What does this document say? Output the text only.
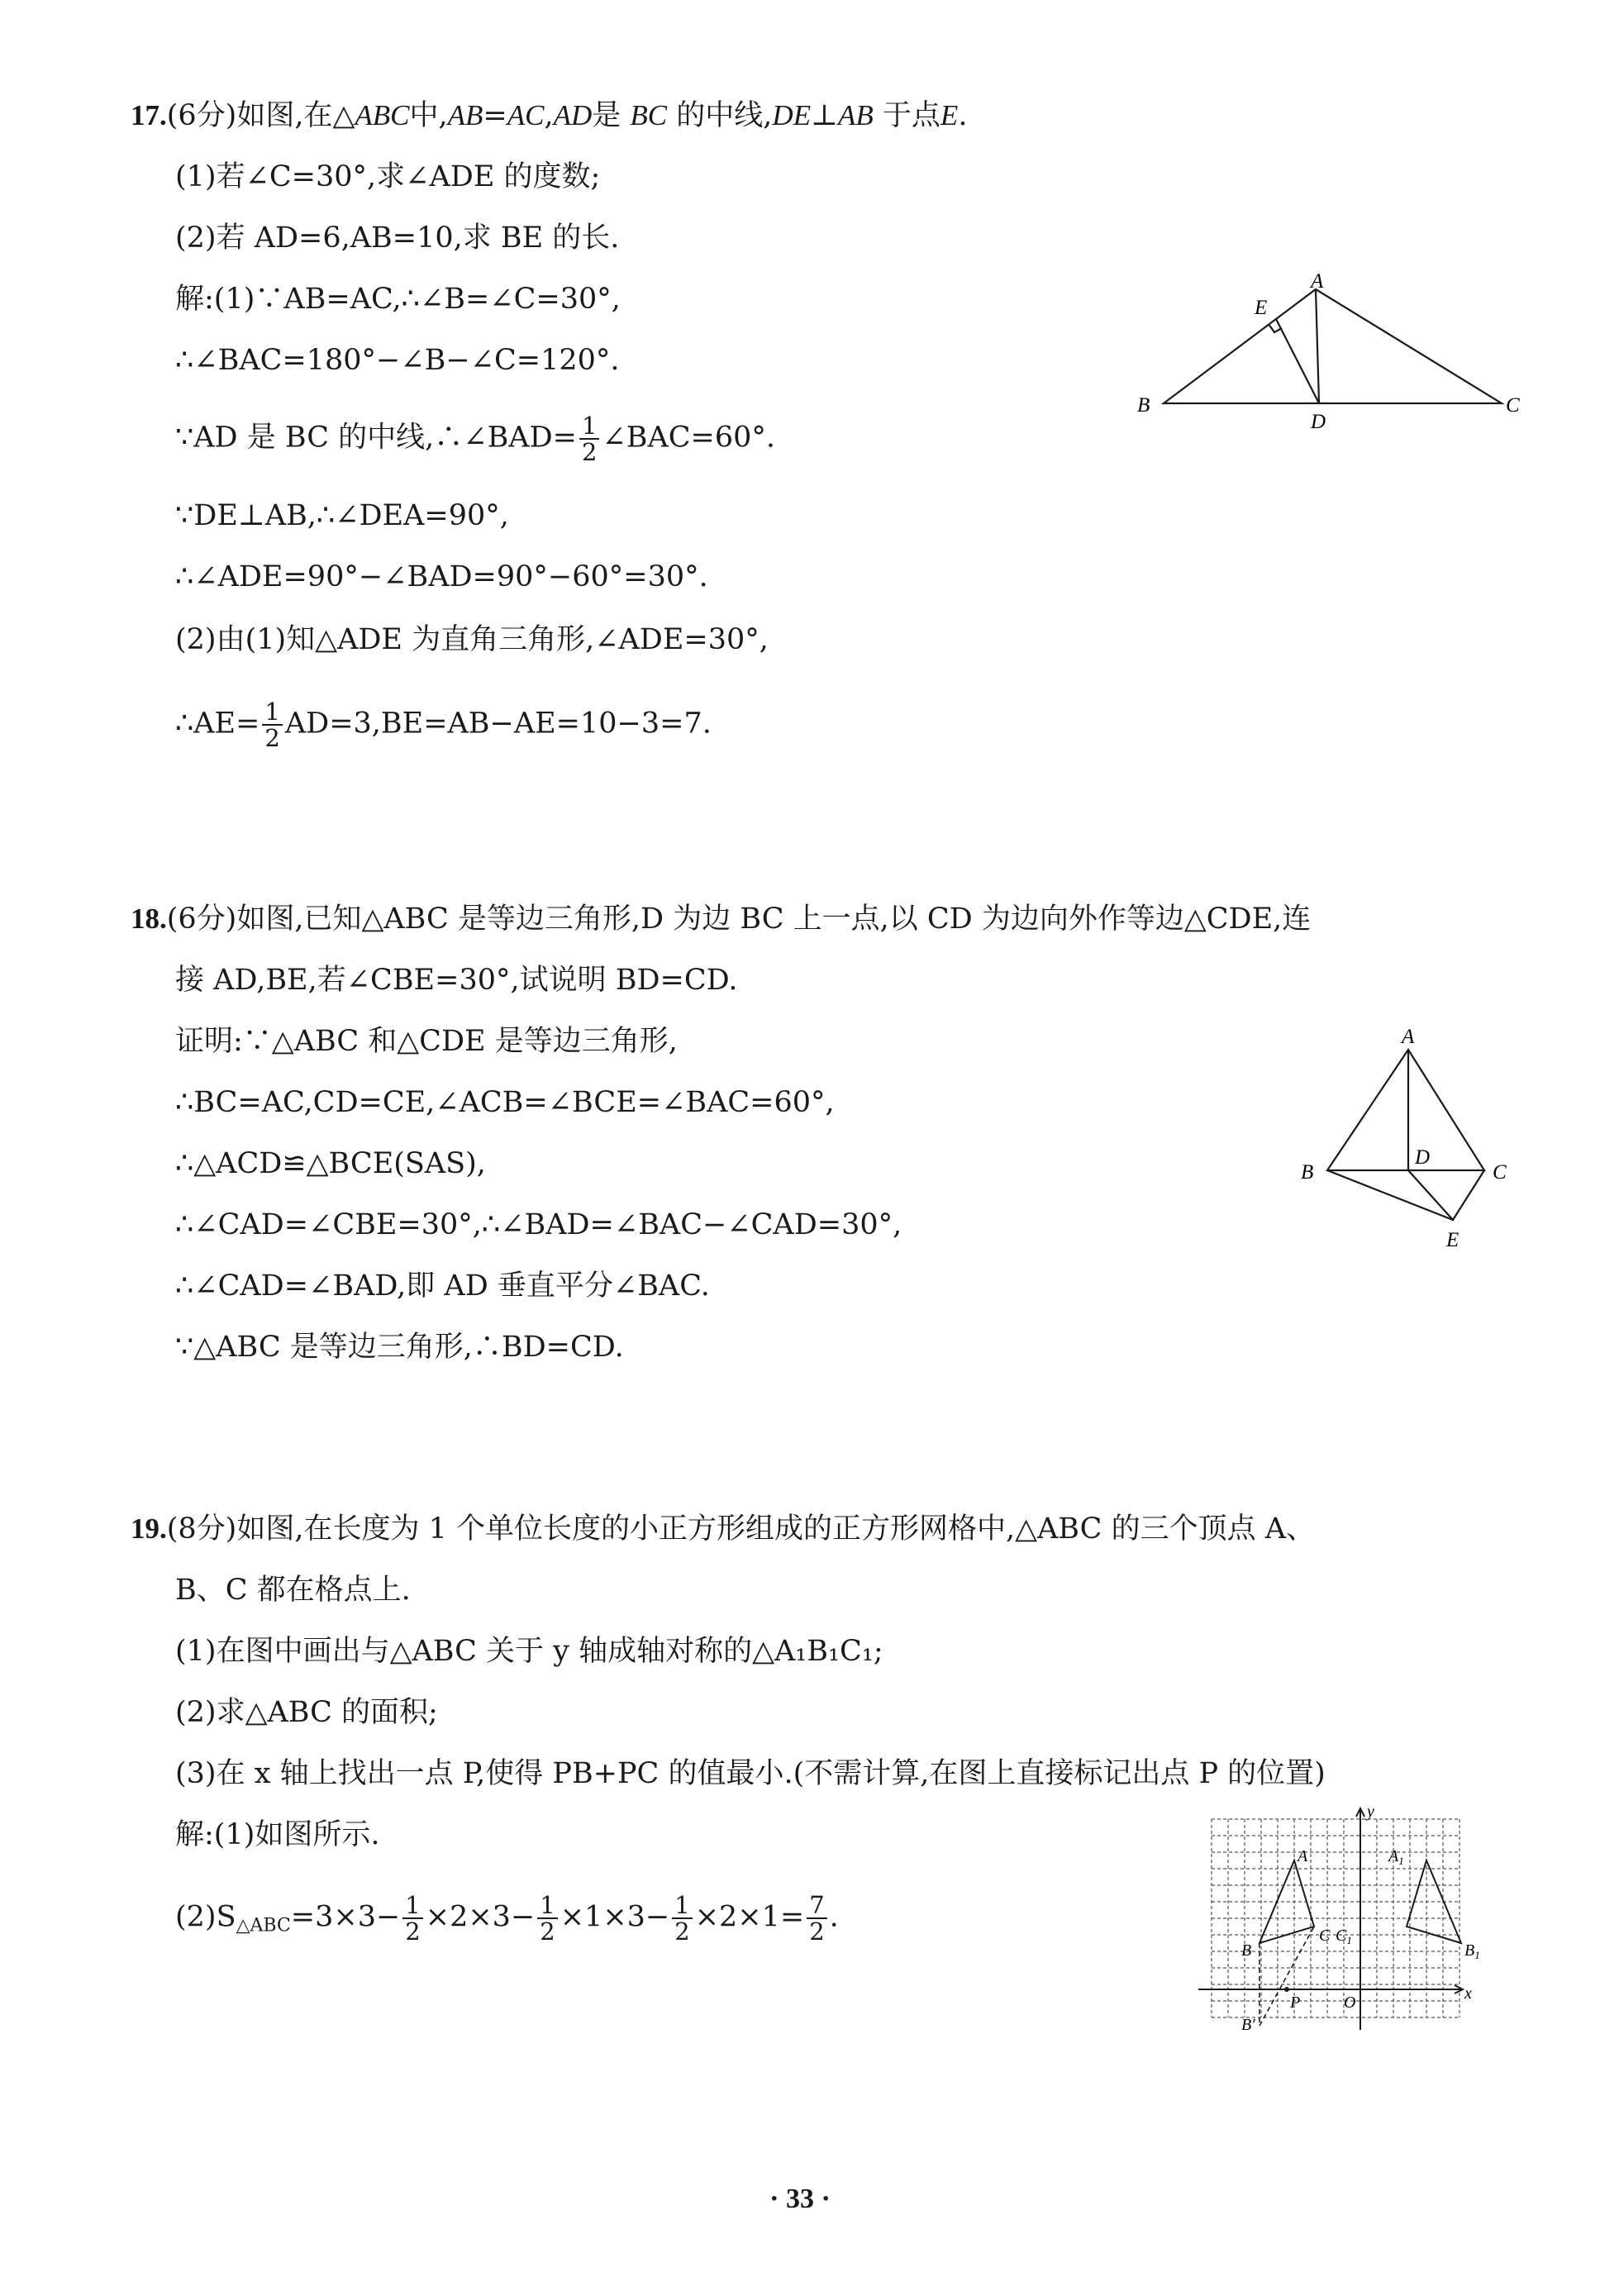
17.(6分)如图,在△ABC中,AB=AC,AD是 BC 的中线,DE⊥AB 于点E.
(1)若∠C=30°,求∠ADE 的度数;
(2)若 AD=6,AB=10,求 BE 的长.
解:(1)∵AB=AC,∴∠B=∠C=30°,
∴∠BAC=180°−∠B−∠C=120°.
∵AD 是 BC 的中线,∴∠BAD= $\frac{1}{2}$ ∠BAC=60°.
∵DE⊥AB,∴∠DEA=90°,
∴∠ADE=90°−∠BAD=90°−60°=30°.
(2)由(1)知△ADE 为直角三角形,∠ADE=30°,
∴AE= $\frac{1}{2} AD=3,BE=AB-AE=10-3=7$.
A
B	C
D
E
18.(6分)如图,已知△ABC 是等边三角形,D 为边 BC 上一点,以 CD 为边向外作等边△CDE,连
接 AD,BE,若∠CBE=30°,试说明 BD=CD.
证明:∵△ABC 和△CDE 是等边三角形,
∴BC=AC,CD=CE,∠ACB=∠BCE=∠BAC=60°,
∴△ACD≌△BCE(SAS),
∴∠CAD=∠CBE=30°,∴∠BAD=∠BAC−∠CAD=30°,
∴∠CAD=∠BAD,即 AD 垂直平分∠BAC.
∵△ABC 是等边三角形,∴BD=CD.
A
B	C
D
E
19.(8分)如图,在长度为 1 个单位长度的小正方形组成的正方形网格中,△ABC 的三个顶点 A、
B、C 都在格点上.
(1)在图中画出与△ABC 关于 y 轴成轴对称的△A₁B₁C₁;
(2)求△ABC 的面积;
(3)在 x 轴上找出一点 P,使得 PB+PC 的值最小.(不需计算,在图上直接标记出点 P 的位置)
解:(1)如图所示.
$(2)S_{\triangle ABC}=3\times 3- \frac{1}{2} \times 2\times 3- \frac{1}{2} \times 1\times 3- \frac{1}{2} \times 2\times 1= \frac{7}{2}$ .
A
B
C
$A_1$
$B_1$
$C_1$
P	O
B′
x
y
· 33 ·
